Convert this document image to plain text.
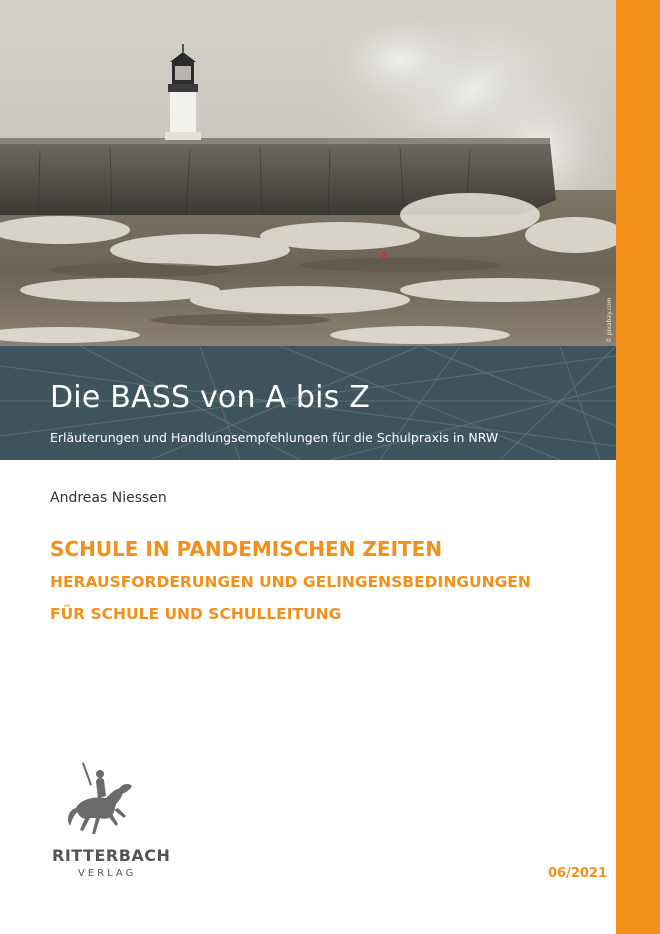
© pixabay.com
Die BASS von A bis Z
Erläuterungen und Handlungsempfehlungen für die Schulpraxis in NRW
Andreas Niessen
SCHULE IN PANDEMISCHEN ZEITEN
HERAUSFORDERUNGEN UND GELINGENSBEDINGUNGEN
FÜR SCHULE UND SCHULLEITUNG
RITTERBACH
VERLAG	06/2021
